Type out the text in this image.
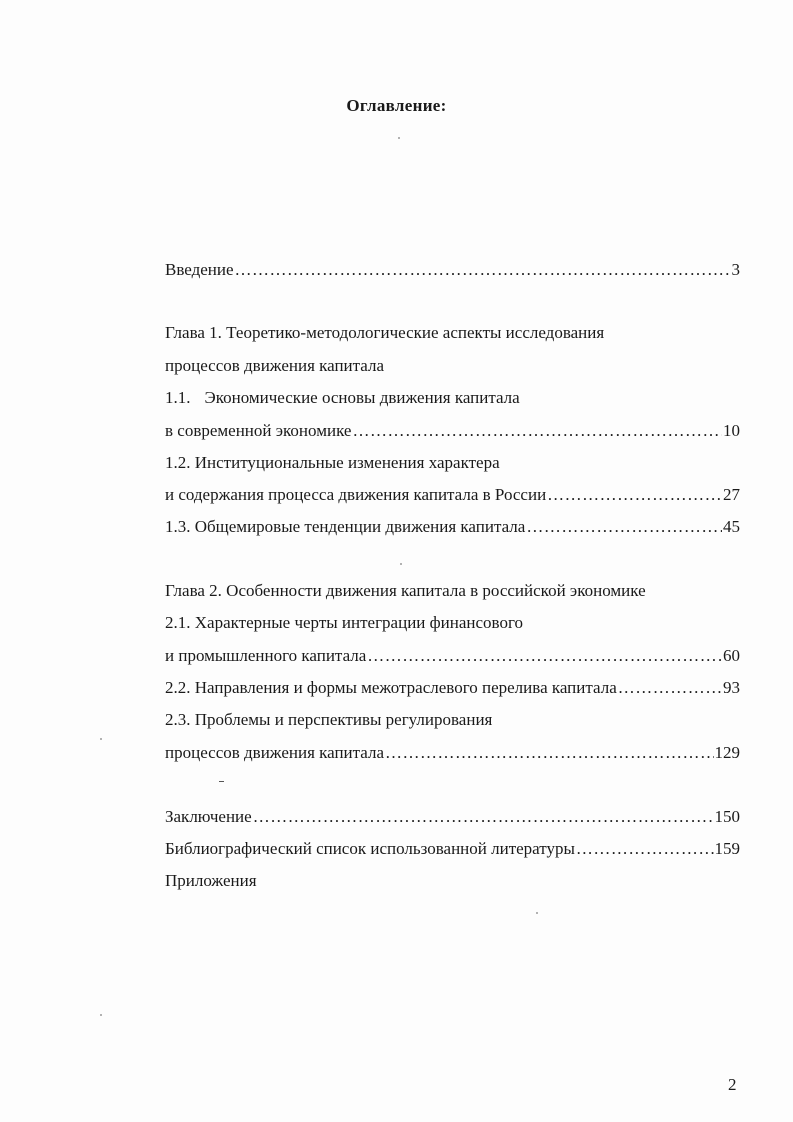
Оглавление:
Введение ……………………………………………………………………………………………………………………………………………………………………	3
Глава 1. Теоретико-методологические аспекты исследования
процессов движения капитала
1.1. Экономические основы движения капитала
в современной экономике ……………………………………………………………………………………………………………………………………………………………………	10
1.2. Институциональные изменения характера
и содержания процесса движения капитала в России ……………………………………………………………………………………………………………………………………………………………………	27
1.3. Общемировые тенденции движения капитала ……………………………………………………………………………………………………………………………………………………………………	45
Глава 2. Особенности движения капитала в российской экономике
2.1. Характерные черты интеграции финансового
и промышленного капитала ……………………………………………………………………………………………………………………………………………………………………	60
2.2. Направления и формы межотраслевого перелива капитала ……………………………………………………………………………………………………………………………………………………………………	93
2.3. Проблемы и перспективы регулирования
процессов движения капитала ……………………………………………………………………………………………………………………………………………………………………	129
Заключение ……………………………………………………………………………………………………………………………………………………………………	150
Библиографический список использованной литературы ……………………………………………………………………………………………………………………………………………………………………	159
Приложения
2
